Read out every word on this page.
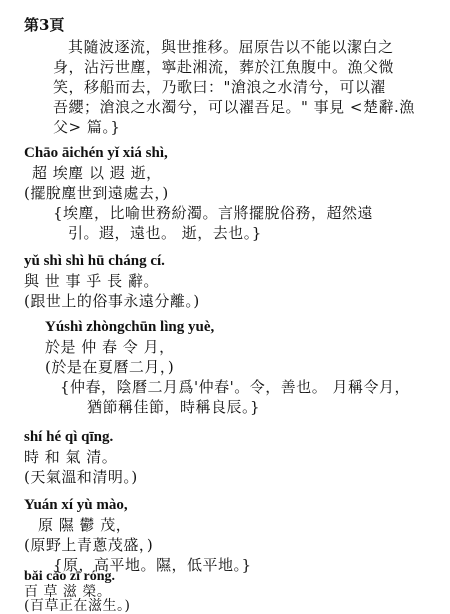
第3頁
其隨波逐流，與世推移。屈原告以不能以潔白之
身，沾污世塵，寧赴湘流，葬於江魚腹中。漁父微
笑，移船而去，乃歌曰："滄浪之水清兮，可以濯
吾纓；滄浪之水濁兮，可以濯吾足。" 事見 <楚辭.漁
父> 篇。}
Chāo āichén yǐ xiá shì,
超 埃塵 以 遐 逝，
(擺脫塵世到遠處去，)
{埃塵，比喻世務紛濁。言將擺脫俗務，超然遠
引。遐，遠也。 逝，去也。}
yǔ shì shì hū cháng cí.
與 世 事 乎 長 辭。
(跟世上的俗事永遠分離。)
Yúshì zhòngchūn lìng yuè,
於是 仲 春 令 月，
(於是在夏曆二月，)
{仲春，陰曆二月爲'仲春'。令，善也。 月稱令月，
猶節稱佳節，時稱良辰。}
shí hé qì qīng.
時 和 氣 清。
(天氣溫和清明。)
Yuán xí yù mào,
原 隰 鬱 茂，
(原野上青蔥茂盛，)
{原，高平地。隰，低平地。}
bǎi cǎo zī róng.
百 草 滋 榮。
(百草正在滋生。)
